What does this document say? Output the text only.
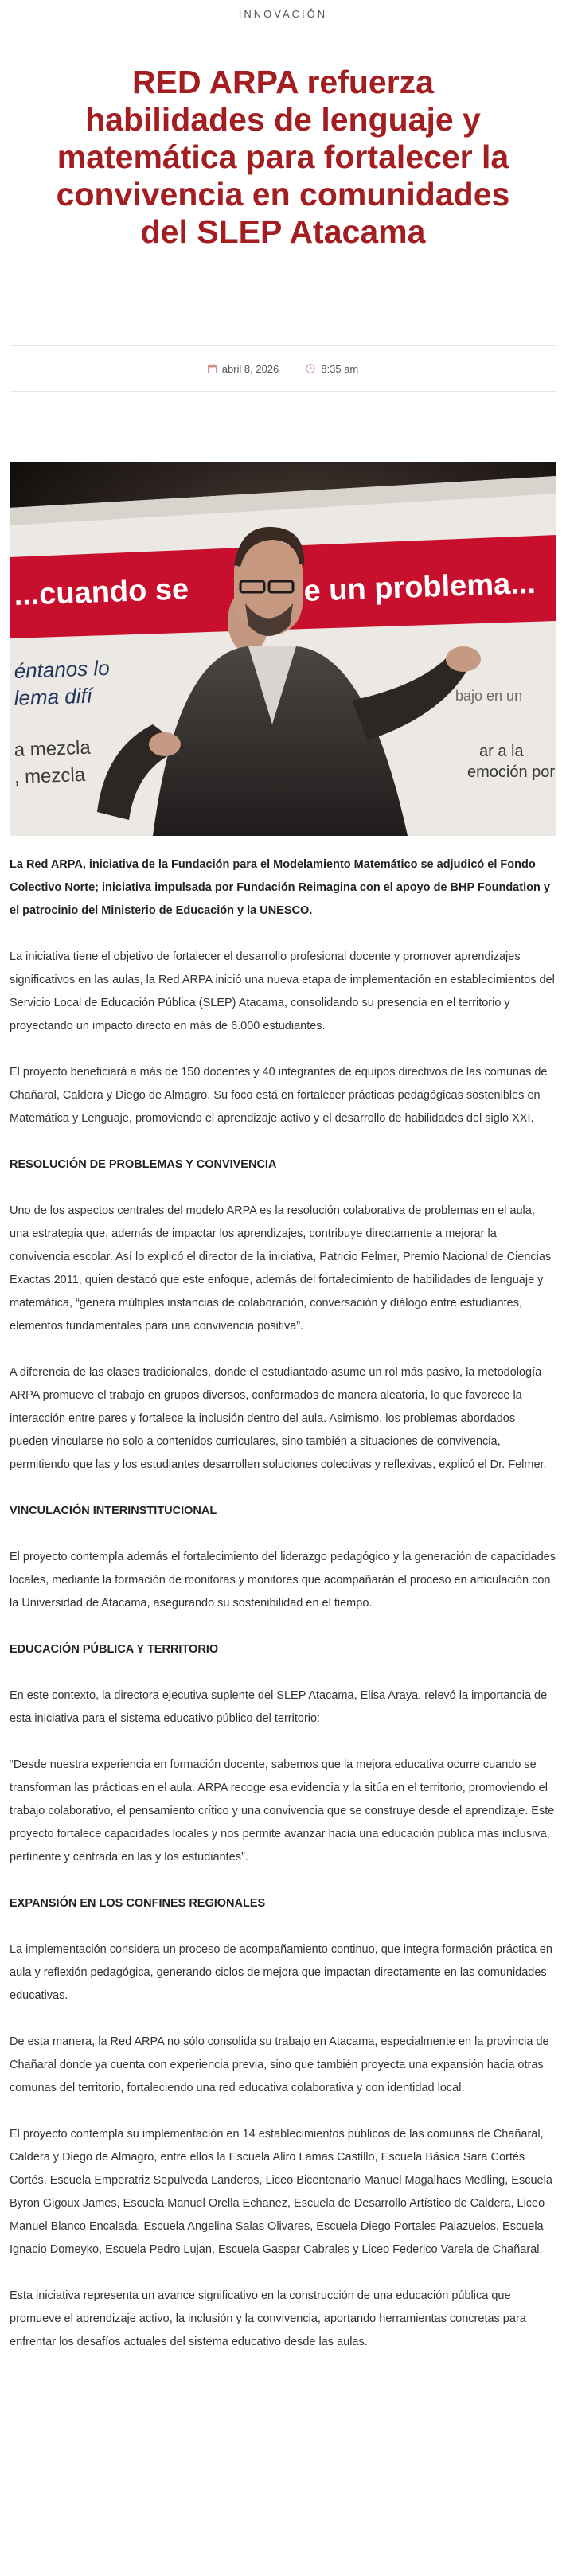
INNOVACIÓN
RED ARPA refuerza habilidades de lenguaje y matemática para fortalecer la convivencia en comunidades del SLEP Atacama
abril 8, 2026	8:35 am
...cuando se	e un problema...
éntanos lo
lema difí
a mezcla
, mezcla
ar a la
emoción por
bajo en un

La Red ARPA, iniciativa de la Fundación para el Modelamiento Matemático se adjudicó el Fondo Colectivo Norte; iniciativa impulsada por Fundación Reimagina con el apoyo de BHP Foundation y el patrocinio del Ministerio de Educación y la UNESCO.

La iniciativa tiene el objetivo de fortalecer el desarrollo profesional docente y promover aprendizajes significativos en las aulas, la Red ARPA inició una nueva etapa de implementación en establecimientos del Servicio Local de Educación Pública (SLEP) Atacama, consolidando su presencia en el territorio y proyectando un impacto directo en más de 6.000 estudiantes.

El proyecto beneficiará a más de 150 docentes y 40 integrantes de equipos directivos de las comunas de Chañaral, Caldera y Diego de Almagro. Su foco está en fortalecer prácticas pedagógicas sostenibles en Matemática y Lenguaje, promoviendo el aprendizaje activo y el desarrollo de habilidades del siglo XXI.

RESOLUCIÓN DE PROBLEMAS Y CONVIVENCIA

Uno de los aspectos centrales del modelo ARPA es la resolución colaborativa de problemas en el aula, una estrategia que, además de impactar los aprendizajes, contribuye directamente a mejorar la convivencia escolar. Así lo explicó el director de la iniciativa, Patricio Felmer, Premio Nacional de Ciencias Exactas 2011, quien destacó que este enfoque, además del fortalecimiento de habilidades de lenguaje y matemática, “genera múltiples instancias de colaboración, conversación y diálogo entre estudiantes, elementos fundamentales para una convivencia positiva”.

A diferencia de las clases tradicionales, donde el estudiantado asume un rol más pasivo, la metodología ARPA promueve el trabajo en grupos diversos, conformados de manera aleatoria, lo que favorece la interacción entre pares y fortalece la inclusión dentro del aula. Asimismo, los problemas abordados pueden vincularse no solo a contenidos curriculares, sino también a situaciones de convivencia, permitiendo que las y los estudiantes desarrollen soluciones colectivas y reflexivas, explicó el Dr. Felmer.

VINCULACIÓN INTERINSTITUCIONAL

El proyecto contempla además el fortalecimiento del liderazgo pedagógico y la generación de capacidades locales, mediante la formación de monitoras y monitores que acompañarán el proceso en articulación con la Universidad de Atacama, asegurando su sostenibilidad en el tiempo.

EDUCACIÓN PÚBLICA Y TERRITORIO

En este contexto, la directora ejecutiva suplente del SLEP Atacama, Elisa Araya, relevó la importancia de esta iniciativa para el sistema educativo público del territorio:

“Desde nuestra experiencia en formación docente, sabemos que la mejora educativa ocurre cuando se transforman las prácticas en el aula. ARPA recoge esa evidencia y la sitúa en el territorio, promoviendo el trabajo colaborativo, el pensamiento crítico y una convivencia que se construye desde el aprendizaje. Este proyecto fortalece capacidades locales y nos permite avanzar hacia una educación pública más inclusiva, pertinente y centrada en las y los estudiantes”.

EXPANSIÓN EN LOS CONFINES REGIONALES

La implementación considera un proceso de acompañamiento continuo, que integra formación práctica en aula y reflexión pedagógica, generando ciclos de mejora que impactan directamente en las comunidades educativas.

De esta manera, la Red ARPA no sólo consolida su trabajo en Atacama, especialmente en la provincia de Chañaral donde ya cuenta con experiencia previa, sino que también proyecta una expansión hacia otras comunas del territorio, fortaleciendo una red educativa colaborativa y con identidad local.

El proyecto contempla su implementación en 14 establecimientos públicos de las comunas de Chañaral, Caldera y Diego de Almagro, entre ellos la Escuela Aliro Lamas Castillo, Escuela Básica Sara Cortés Cortés, Escuela Emperatriz Sepulveda Landeros, Liceo Bicentenario Manuel Magalhaes Medling, Escuela Byron Gigoux James, Escuela Manuel Orella Echanez, Escuela de Desarrollo Artístico de Caldera, Liceo Manuel Blanco Encalada, Escuela Angelina Salas Olivares, Escuela Diego Portales Palazuelos, Escuela Ignacio Domeyko, Escuela Pedro Lujan, Escuela Gaspar Cabrales y Liceo Federico Varela de Chañaral.

Esta iniciativa representa un avance significativo en la construcción de una educación pública que promueve el aprendizaje activo, la inclusión y la convivencia, aportando herramientas concretas para enfrentar los desafíos actuales del sistema educativo desde las aulas.
